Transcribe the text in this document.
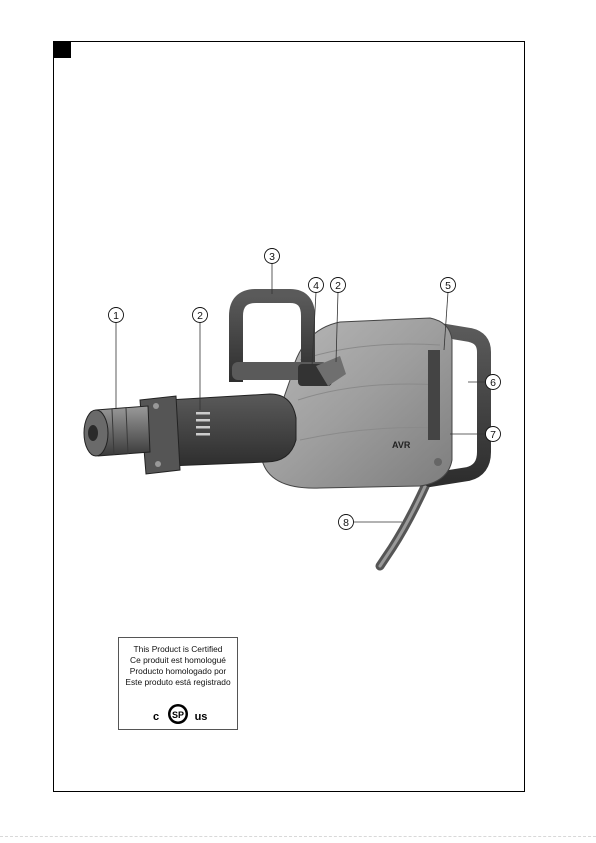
AVR
1	2
3
4 2	5
6
7
8
This Product is Certified
Ce produit est homologué
Producto homologado por
Este produto está registrado
c SP us
